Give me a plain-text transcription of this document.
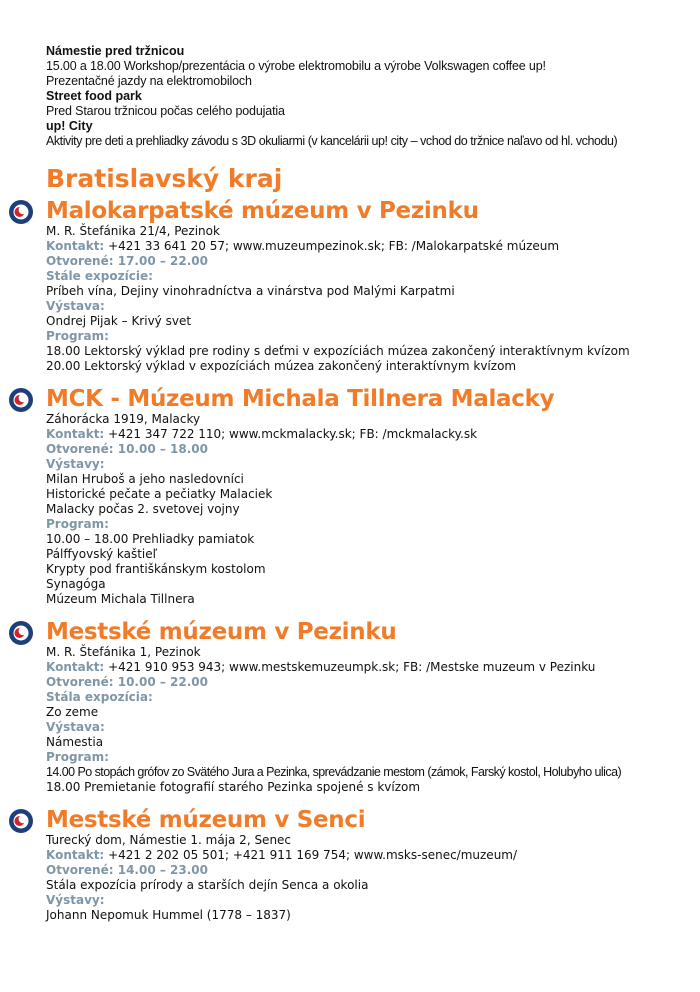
Námestie pred tržnicou
15.00 a 18.00 Workshop/prezentácia o výrobe elektromobilu a výrobe Volkswagen coffee up!
Prezentačné jazdy na elektromobiloch
Street food park
Pred Starou tržnicou počas celého podujatia
up! City
Aktivity pre deti a prehliadky závodu s 3D okuliarmi (v kancelárii up! city – vchod do tržnice naľavo od hl. vchodu)
Bratislavský kraj
Malokarpatské múzeum v Pezinku
M. R. Štefánika 21/4, Pezinok
Kontakt: +421 33 641 20 57; www.muzeumpezinok.sk; FB: /Malokarpatské múzeum
Otvorené: 17.00 – 22.00
Stále expozície:
Príbeh vína, Dejiny vinohradníctva a vinárstva pod Malými Karpatmi
Výstava:
Ondrej Pijak – Krivý svet
Program:
18.00 Lektorský výklad pre rodiny s deťmi v expozíciách múzea zakončený interaktívnym kvízom
20.00 Lektorský výklad v expozíciách múzea zakončený interaktívnym kvízom
MCK - Múzeum Michala Tillnera Malacky
Záhorácka 1919, Malacky
Kontakt: +421 347 722 110; www.mckmalacky.sk; FB: /mckmalacky.sk
Otvorené: 10.00 – 18.00
Výstavy:
Milan Hruboš a jeho nasledovníci
Historické pečate a pečiatky Malaciek
Malacky počas 2. svetovej vojny
Program:
10.00 – 18.00 Prehliadky pamiatok
Pálffyovský kaštieľ
Krypty pod františkánskym kostolom
Synagóga
Múzeum Michala Tillnera
Mestské múzeum v Pezinku
M. R. Štefánika 1, Pezinok
Kontakt: +421 910 953 943; www.mestskemuzeumpk.sk; FB: /Mestske muzeum v Pezinku
Otvorené: 10.00 – 22.00
Stála expozícia:
Zo zeme
Výstava:
Námestia
Program:
14.00 Po stopách grófov zo Svätého Jura a Pezinka, sprevádzanie mestom (zámok, Farský kostol, Holubyho ulica)
18.00 Premietanie fotografií starého Pezinka spojené s kvízom
Mestské múzeum v Senci
Turecký dom, Námestie 1. mája 2, Senec
Kontakt: +421 2 202 05 501; +421 911 169 754; www.msks-senec/muzeum/
Otvorené: 14.00 – 23.00
Stála expozícia prírody a starších dejín Senca a okolia
Výstavy:
Johann Nepomuk Hummel (1778 – 1837)
